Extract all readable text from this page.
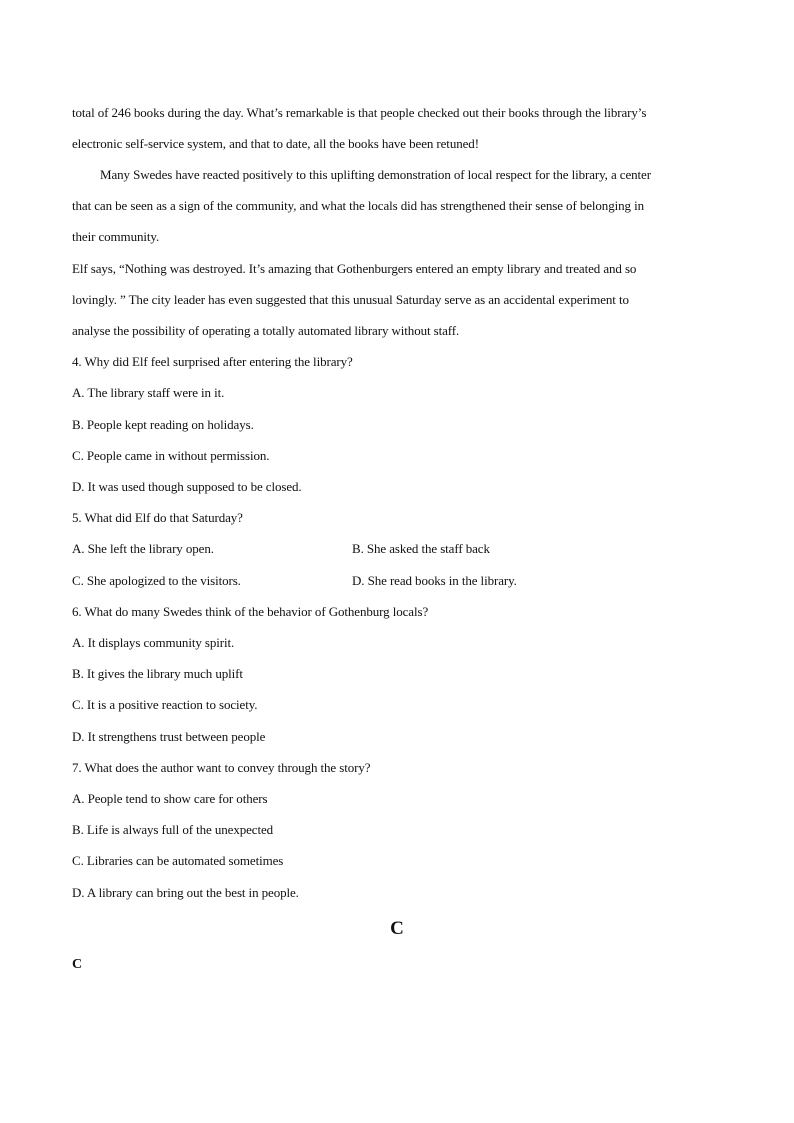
total of 246 books during the day. What’s remarkable is that people checked out their books through the library’s
electronic self-service system, and that to date, all the books have been retuned!
Many Swedes have reacted positively to this uplifting demonstration of local respect for the library, a center
that can be seen as a sign of the community, and what the locals did has strengthened their sense of belonging in
their community.
Elf says, “Nothing was destroyed. It’s amazing that Gothenburgers entered an empty library and treated and so
lovingly. ” The city leader has even suggested that this unusual Saturday serve as an accidental experiment to
analyse the possibility of operating a totally automated library without staff.
4. Why did Elf feel surprised after entering the library?
A. The library staff were in it.
B. People kept reading on holidays.
C. People came in without permission.
D. It was used though supposed to be closed.
5. What did Elf do that Saturday?
A. She left the library open.	B. She asked the staff back
C. She apologized to the visitors.	D. She read books in the library.
6. What do many Swedes think of the behavior of Gothenburg locals?
A. It displays community spirit.
B. It gives the library much uplift
C. It is a positive reaction to society.
D. It strengthens trust between people
7. What does the author want to convey through the story?
A. People tend to show care for others
B. Life is always full of the unexpected
C. Libraries can be automated sometimes
D. A library can bring out the best in people.
C
C
